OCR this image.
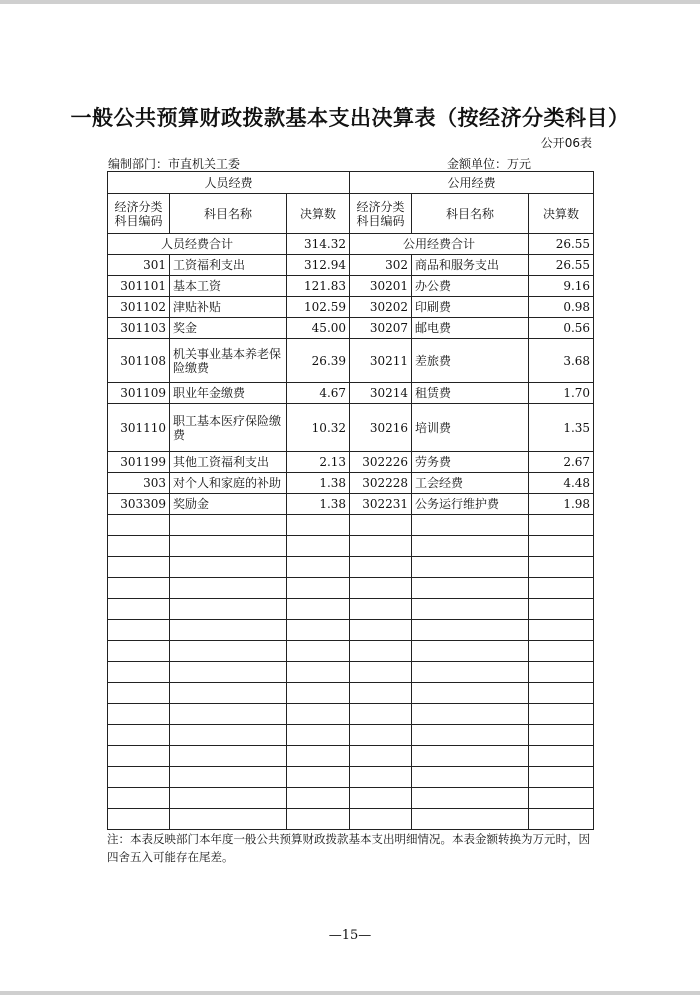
一般公共预算财政拨款基本支出决算表（按经济分类科目）
公开06表
编制部门：市直机关工委	金额单位：万元
人员经费			公用经费		
经济分类科目编码	科目名称	决算数	经济分类科目编码	科目名称	决算数
人员经费合计		314.32	公用经费合计		26.55
301	工资福利支出	312.94	302	商品和服务支出	26.55
301101	基本工资	121.83	30201	办公费	9.16
301102	津贴补贴	102.59	30202	印刷费	0.98
301103	奖金	45.00	30207	邮电费	0.56
301108	机关事业基本养老保险缴费	26.39	30211	差旅费	3.68
301109	职业年金缴费	4.67	30214	租赁费	1.70
301110	职工基本医疗保险缴费	10.32	30216	培训费	1.35
301199	其他工资福利支出	2.13	302226	劳务费	2.67
303	对个人和家庭的补助	1.38	302228	工会经费	4.48
303309	奖励金	1.38	302231	公务运行维护费	1.98

注：本表反映部门本年度一般公共预算财政拨款基本支出明细情况。本表金额转换为万元时，因四舍五入可能存在尾差。
—15—
